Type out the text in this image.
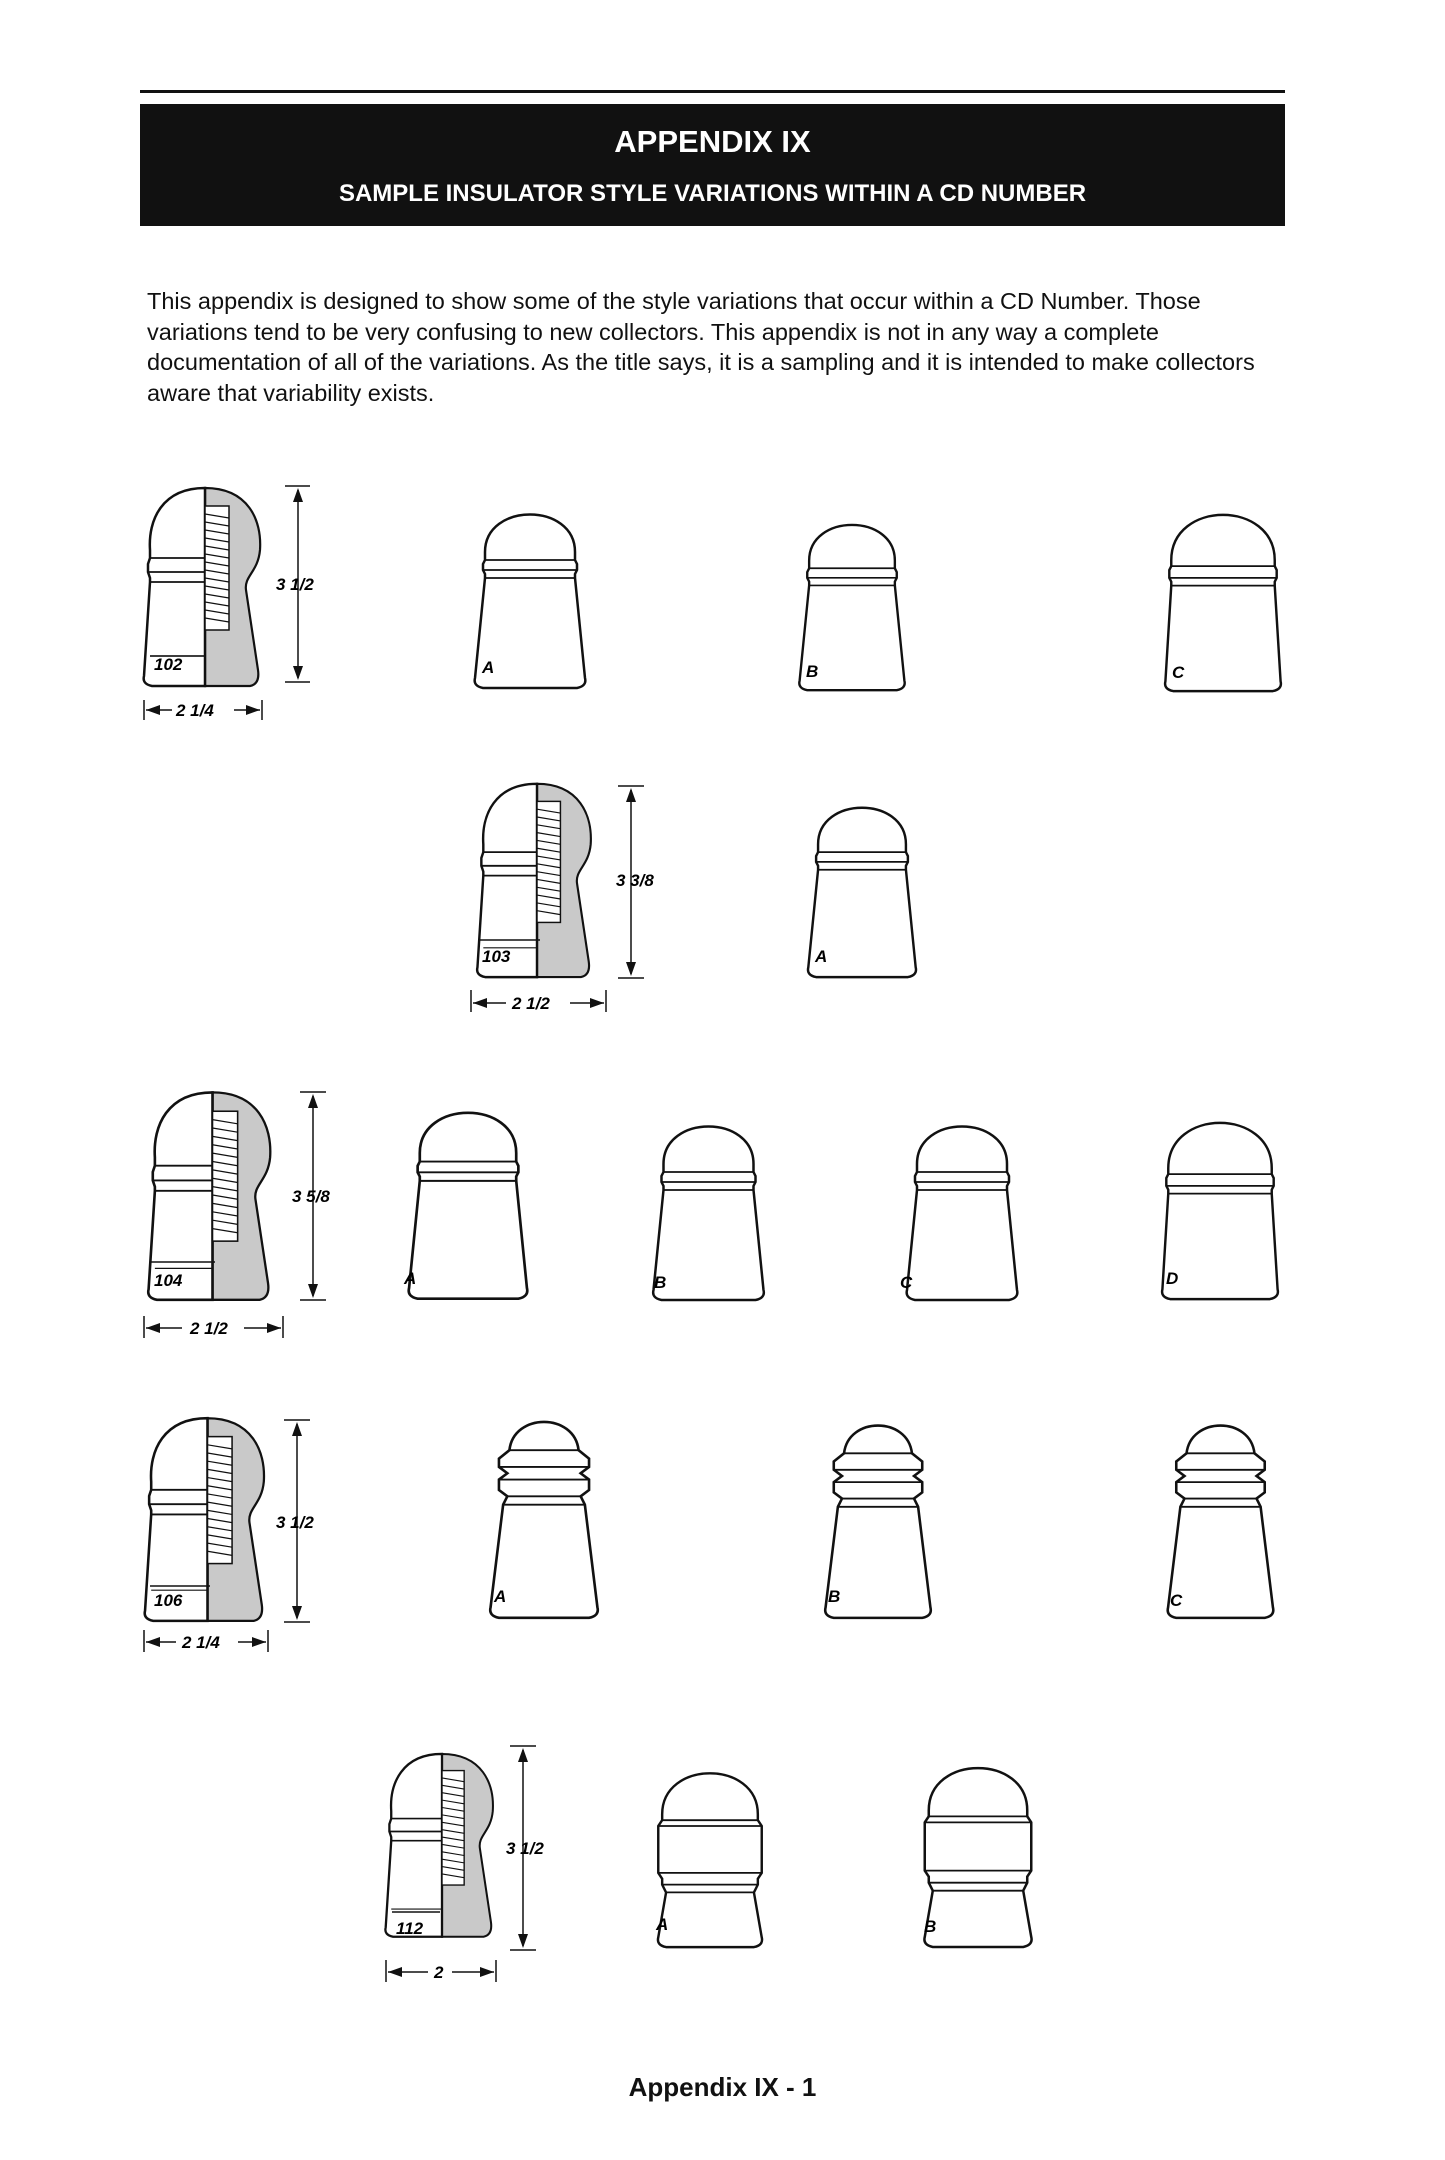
APPENDIX IX
SAMPLE INSULATOR STYLE VARIATIONS WITHIN A CD NUMBER

This appendix is designed to show some of the style variations that occur within a CD Number. Those variations tend to be very confusing to new collectors. This appendix is not in any way a complete documentation of all of the variations. As the title says, it is a sampling and it is intended to make collectors aware that variability exists.

102
3 1/2
2 1/4
A	B	C
103
3 3/8
2 1/2
A
104
3 5/8
2 1/2
A	B	C	D
106
3 1/2
2 1/4
A	B	C
112
3 1/2
2
A	B
Appendix IX - 1
